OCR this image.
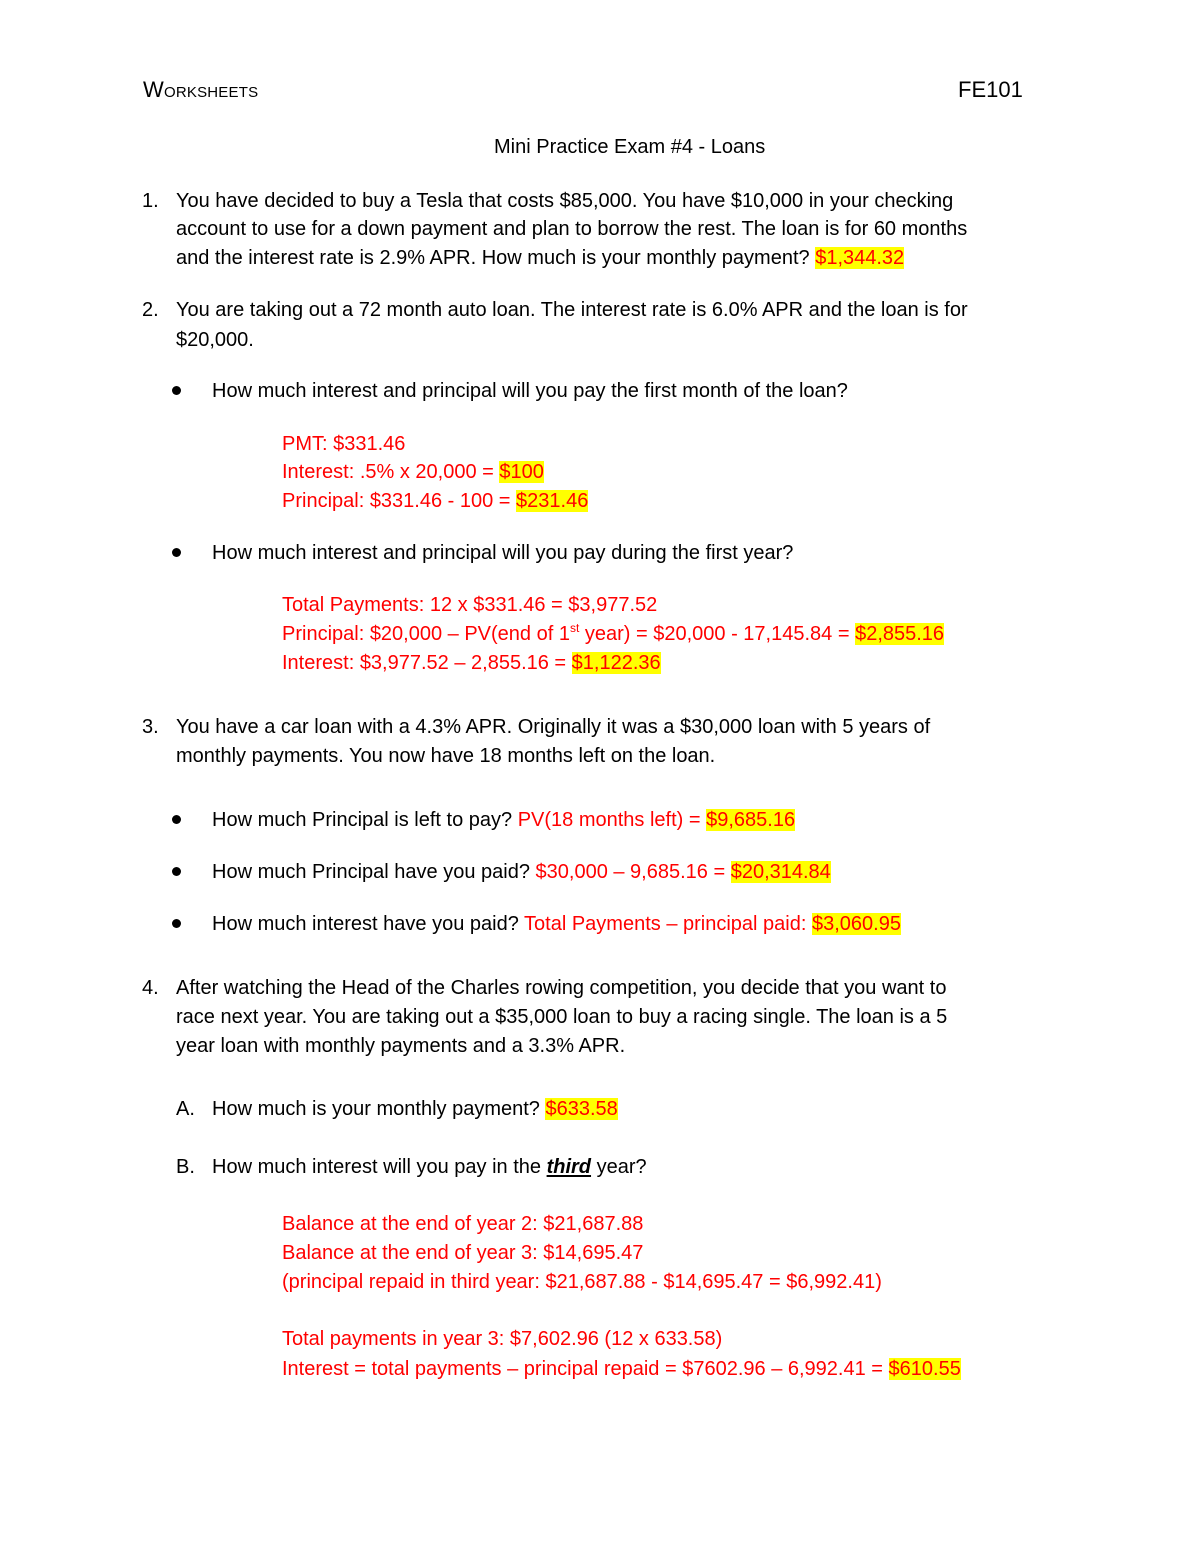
WORKSHEETS	FE101
Mini Practice Exam #4 - Loans
1. You have decided to buy a Tesla that costs $85,000. You have $10,000 in your checking
account to use for a down payment and plan to borrow the rest. The loan is for 60 months
and the interest rate is 2.9% APR. How much is your monthly payment? $1,344.32
2. You are taking out a 72 month auto loan. The interest rate is 6.0% APR and the loan is for
$20,000.
How much interest and principal will you pay the first month of the loan?
PMT: $331.46
Interest: .5% x 20,000 = $100
Principal: $331.46 - 100 = $231.46
How much interest and principal will you pay during the first year?
Total Payments: 12 x $331.46 = $3,977.52
Principal: $20,000 – PV(end of 1st year) = $20,000 - 17,145.84 = $2,855.16
Interest: $3,977.52 – 2,855.16 = $1,122.36
3. You have a car loan with a 4.3% APR. Originally it was a $30,000 loan with 5 years of
monthly payments. You now have 18 months left on the loan.
How much Principal is left to pay? PV(18 months left) = $9,685.16
How much Principal have you paid? $30,000 – 9,685.16 = $20,314.84
How much interest have you paid? Total Payments – principal paid: $3,060.95
4. After watching the Head of the Charles rowing competition, you decide that you want to
race next year. You are taking out a $35,000 loan to buy a racing single. The loan is a 5
year loan with monthly payments and a 3.3% APR.
A. How much is your monthly payment? $633.58
B. How much interest will you pay in the third year?
Balance at the end of year 2: $21,687.88
Balance at the end of year 3: $14,695.47
(principal repaid in third year: $21,687.88 - $14,695.47 = $6,992.41)
Total payments in year 3: $7,602.96 (12 x 633.58)
Interest = total payments – principal repaid = $7602.96 – 6,992.41 = $610.55
